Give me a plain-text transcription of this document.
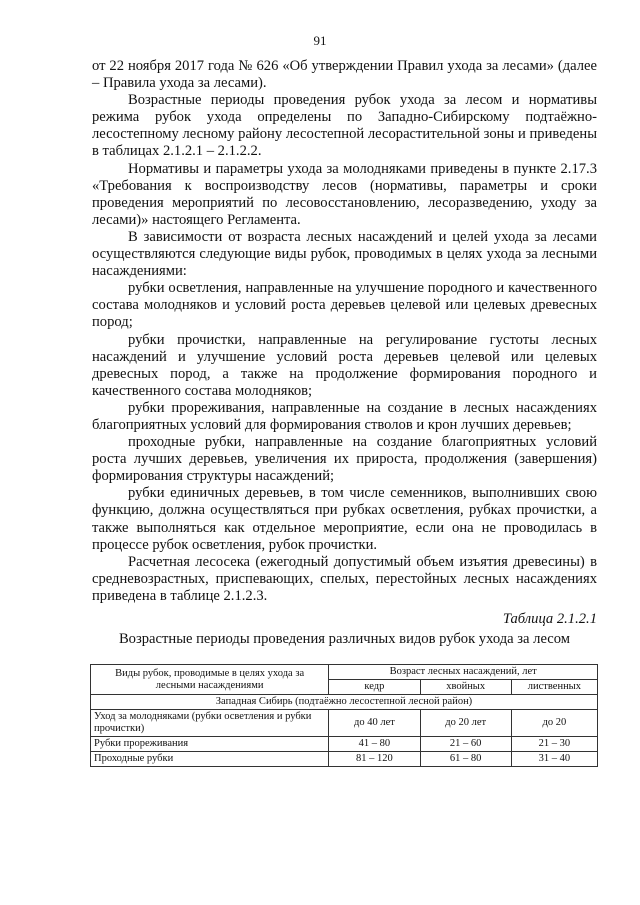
91

от 22 ноября 2017 года № 626 «Об утверждении Правил ухода за лесами» (далее – Правила ухода за лесами).

Возрастные периоды проведения рубок ухода за лесом и нормативы режима рубок ухода определены по Западно-Сибирскому подтаёжно-лесостепному лесному району лесостепной лесорастительной зоны и приведены в таблицах 2.1.2.1 – 2.1.2.2.

Нормативы и параметры ухода за молодняками приведены в пункте 2.17.3 «Требования к воспроизводству лесов (нормативы, параметры и сроки проведения мероприятий по лесовосстановлению, лесоразведению, уходу за лесами)» настоящего Регламента.

В зависимости от возраста лесных насаждений и целей ухода за лесами осуществляются следующие виды рубок, проводимых в целях ухода за лесными насаждениями:

рубки осветления, направленные на улучшение породного и качественного состава молодняков и условий роста деревьев целевой или целевых древесных пород;

рубки прочистки, направленные на регулирование густоты лесных насаждений и улучшение условий роста деревьев целевой или целевых древесных пород, а также на продолжение формирования породного и качественного состава молодняков;

рубки прореживания, направленные на создание в лесных насаждениях благоприятных условий для формирования стволов и крон лучших деревьев;

проходные рубки, направленные на создание благоприятных условий роста лучших деревьев, увеличения их прироста, продолжения (завершения) формирования структуры насаждений;

рубки единичных деревьев, в том числе семенников, выполнивших свою функцию, должна осуществляться при рубках осветления, рубках прочистки, а также выполняться как отдельное мероприятие, если она не проводилась в процессе рубок осветления, рубок прочистки.

Расчетная лесосека (ежегодный допустимый объем изъятия древесины) в средневозрастных, приспевающих, спелых, перестойных лесных насаждениях приведена в таблице 2.1.2.3.

Таблица 2.1.2.1
Возрастные периоды проведения различных видов рубок ухода за лесом
Виды рубок, проводимые в целях ухода за лесными насаждениями	Возраст лесных насаждений, лет		
	кедр	хвойных	лиственных
Западная Сибирь (подтаёжно лесостепной лесной район)			
Уход за молодняками (рубки осветления и рубки прочистки)	до 40 лет	до 20 лет	до 20
Рубки прореживания	41 – 80	21 – 60	21 – 30
Проходные рубки	81 – 120	61 – 80	31 – 40
